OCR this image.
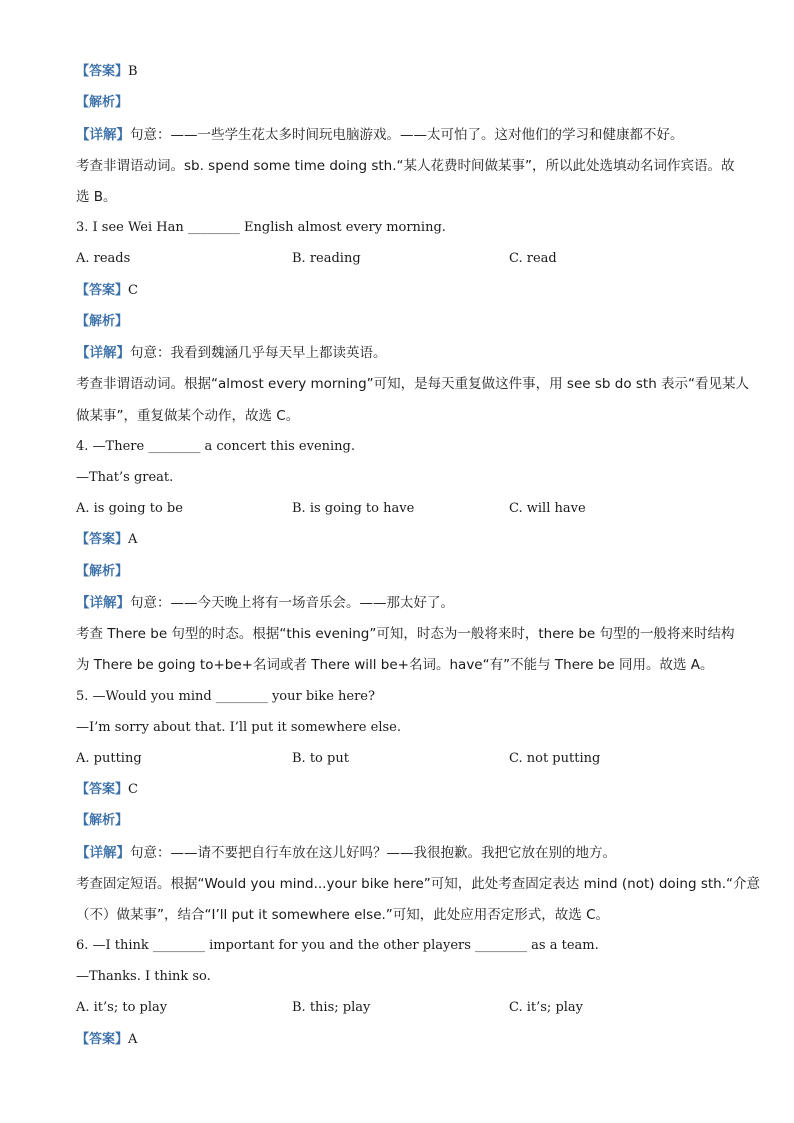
【答案】B
【解析】
【详解】句意：——一些学生花太多时间玩电脑游戏。——太可怕了。这对他们的学习和健康都不好。
考查非谓语动词。sb. spend some time doing sth.“某人花费时间做某事”，所以此处选填动名词作宾语。故
选 B。
3. I see Wei Han ________ English almost every morning.
A. reads	B. reading	C. read
【答案】C
【解析】
【详解】句意：我看到魏涵几乎每天早上都读英语。
考查非谓语动词。根据“almost every morning”可知，是每天重复做这件事，用 see sb do sth 表示“看见某人
做某事”，重复做某个动作，故选 C。
4. —There ________ a concert this evening.
—That’s great.
A. is going to be	B. is going to have	C. will have
【答案】A
【解析】
【详解】句意：——今天晚上将有一场音乐会。——那太好了。
考查 There be 句型的时态。根据“this evening”可知，时态为一般将来时，there be 句型的一般将来时结构
为 There be going to+be+名词或者 There will be+名词。have“有”不能与 There be 同用。故选 A。
5. —Would you mind ________ your bike here?
—I’m sorry about that. I’ll put it somewhere else.
A. putting	B. to put	C. not putting
【答案】C
【解析】
【详解】句意：——请不要把自行车放在这儿好吗？——我很抱歉。我把它放在别的地方。
考查固定短语。根据“Would you mind...your bike here”可知，此处考查固定表达 mind (not) doing sth.“介意
（不）做某事”，结合“I’ll put it somewhere else.”可知，此处应用否定形式，故选 C。
6. —I think ________ important for you and the other players ________ as a team.
—Thanks. I think so.
A. it’s; to play	B. this; play	C. it’s; play
【答案】A
